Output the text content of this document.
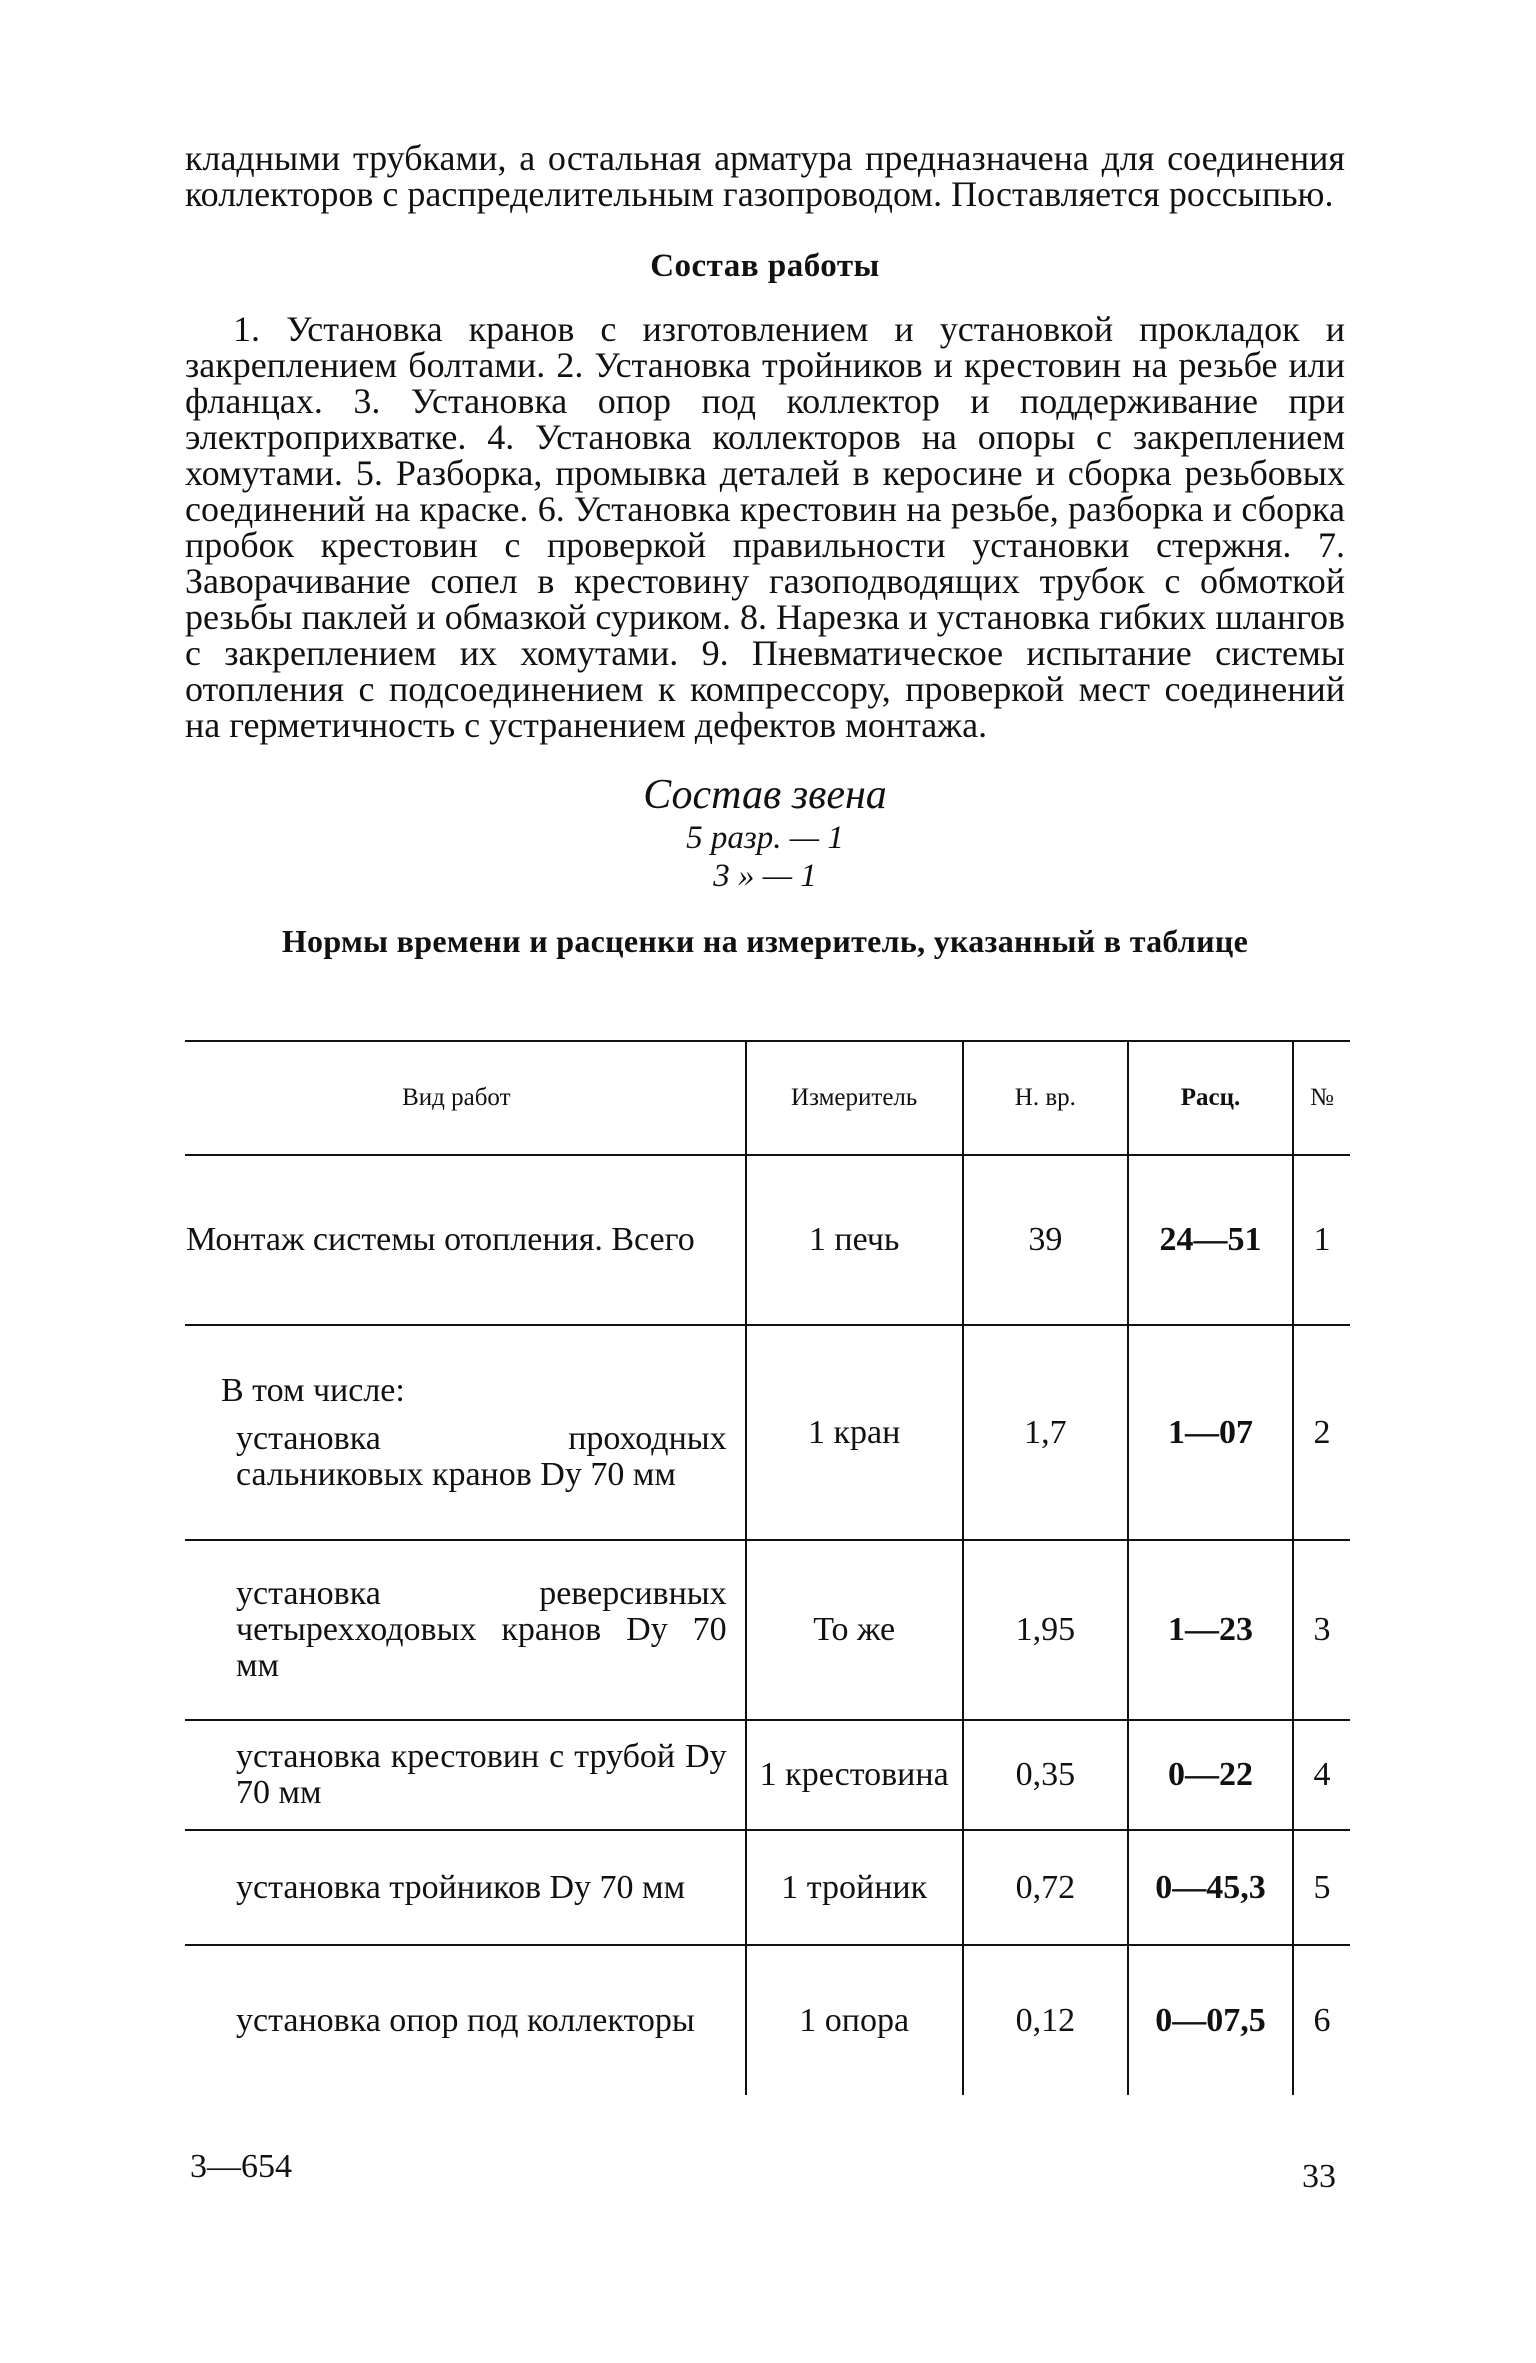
кладными трубками, а остальная арматура предназначена для соединения коллекторов с распределительным газопроводом. Поставляется россыпью.

Состав работы

1. Установка кранов с изготовлением и установкой прокладок и закреплением болтами. 2. Установка тройников и крестовин на резьбе или фланцах. 3. Установка опор под коллектор и поддерживание при электроприхватке. 4. Установка коллекторов на опоры с закреплением хомутами. 5. Разборка, промывка деталей в керосине и сборка резьбовых соединений на краске. 6. Установка крестовин на резьбе, разборка и сборка пробок крестовин с проверкой правильности установки стержня. 7. Заворачивание сопел в крестовину газоподводящих трубок с обмоткой резьбы паклей и обмазкой суриком. 8. Нарезка и установка гибких шлангов с закреплением их хомутами. 9. Пневматическое испытание системы отопления с подсоединением к компрессору, проверкой мест соединений на герметичность с устранением дефектов монтажа.

Состав звена
5 разр. — 1
3 » — 1
Нормы времени и расценки на измеритель, указанный в таблице
Вид работ	Измеритель	Н. вр.	Расц.	№

Монтаж системы отопления. Всего	1 печь	39	24—51	1

В том числе:
установка проходных сальниковых кранов Dу 70 мм	1 кран	1,7	1—07	2

установка реверсивных четырехходовых кранов Dу 70 мм	То же	1,95	1—23	3

установка крестовин с трубой Dу 70 мм	1 крестовина	0,35	0—22	4

установка тройников Dу 70 мм	1 тройник	0,72	0—45,3	5

установка опор под коллекторы	1 опора	0,12	0—07,5	6
3—654	33
